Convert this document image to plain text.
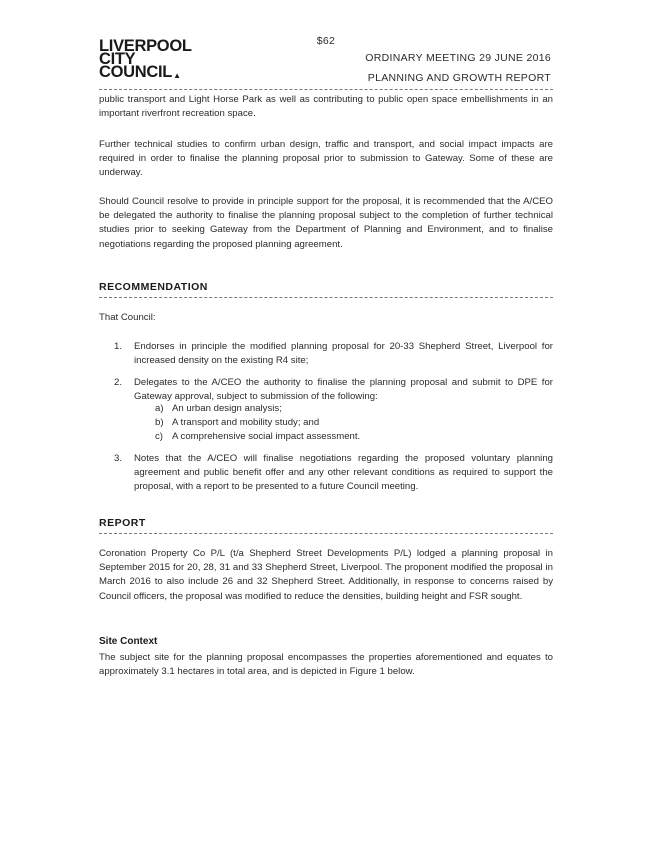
$62
LIVERPOOL
CITY
COUNCIL▲
ORDINARY MEETING 29 JUNE 2016
PLANNING AND GROWTH REPORT
public transport and Light Horse Park as well as contributing to public open space embellishments in an important riverfront recreation space.
Further technical studies to confirm urban design, traffic and transport, and social impact impacts are required in order to finalise the planning proposal prior to submission to Gateway. Some of these are underway.
Should Council resolve to provide in principle support for the proposal, it is recommended that the A/CEO be delegated the authority to finalise the planning proposal subject to the completion of further technical studies prior to seeking Gateway from the Department of Planning and Environment, and to finalise negotiations regarding the proposed planning agreement.
RECOMMENDATION
That Council:
1. Endorses in principle the modified planning proposal for 20-33 Shepherd Street, Liverpool for increased density on the existing R4 site;
2. Delegates to the A/CEO the authority to finalise the planning proposal and submit to DPE for Gateway approval, subject to submission of the following:
a) An urban design analysis;
b) A transport and mobility study; and
c) A comprehensive social impact assessment.
3. Notes that the A/CEO will finalise negotiations regarding the proposed voluntary planning agreement and public benefit offer and any other relevant conditions as required to support the proposal, with a report to be presented to a future Council meeting.
REPORT
Coronation Property Co P/L (t/a Shepherd Street Developments P/L) lodged a planning proposal in September 2015 for 20, 28, 31 and 33 Shepherd Street, Liverpool. The proponent modified the proposal in March 2016 to also include 26 and 32 Shepherd Street. Additionally, in response to concerns raised by Council officers, the proposal was modified to reduce the densities, building height and FSR sought.
Site Context
The subject site for the planning proposal encompasses the properties aforementioned and equates to approximately 3.1 hectares in total area, and is depicted in Figure 1 below.
